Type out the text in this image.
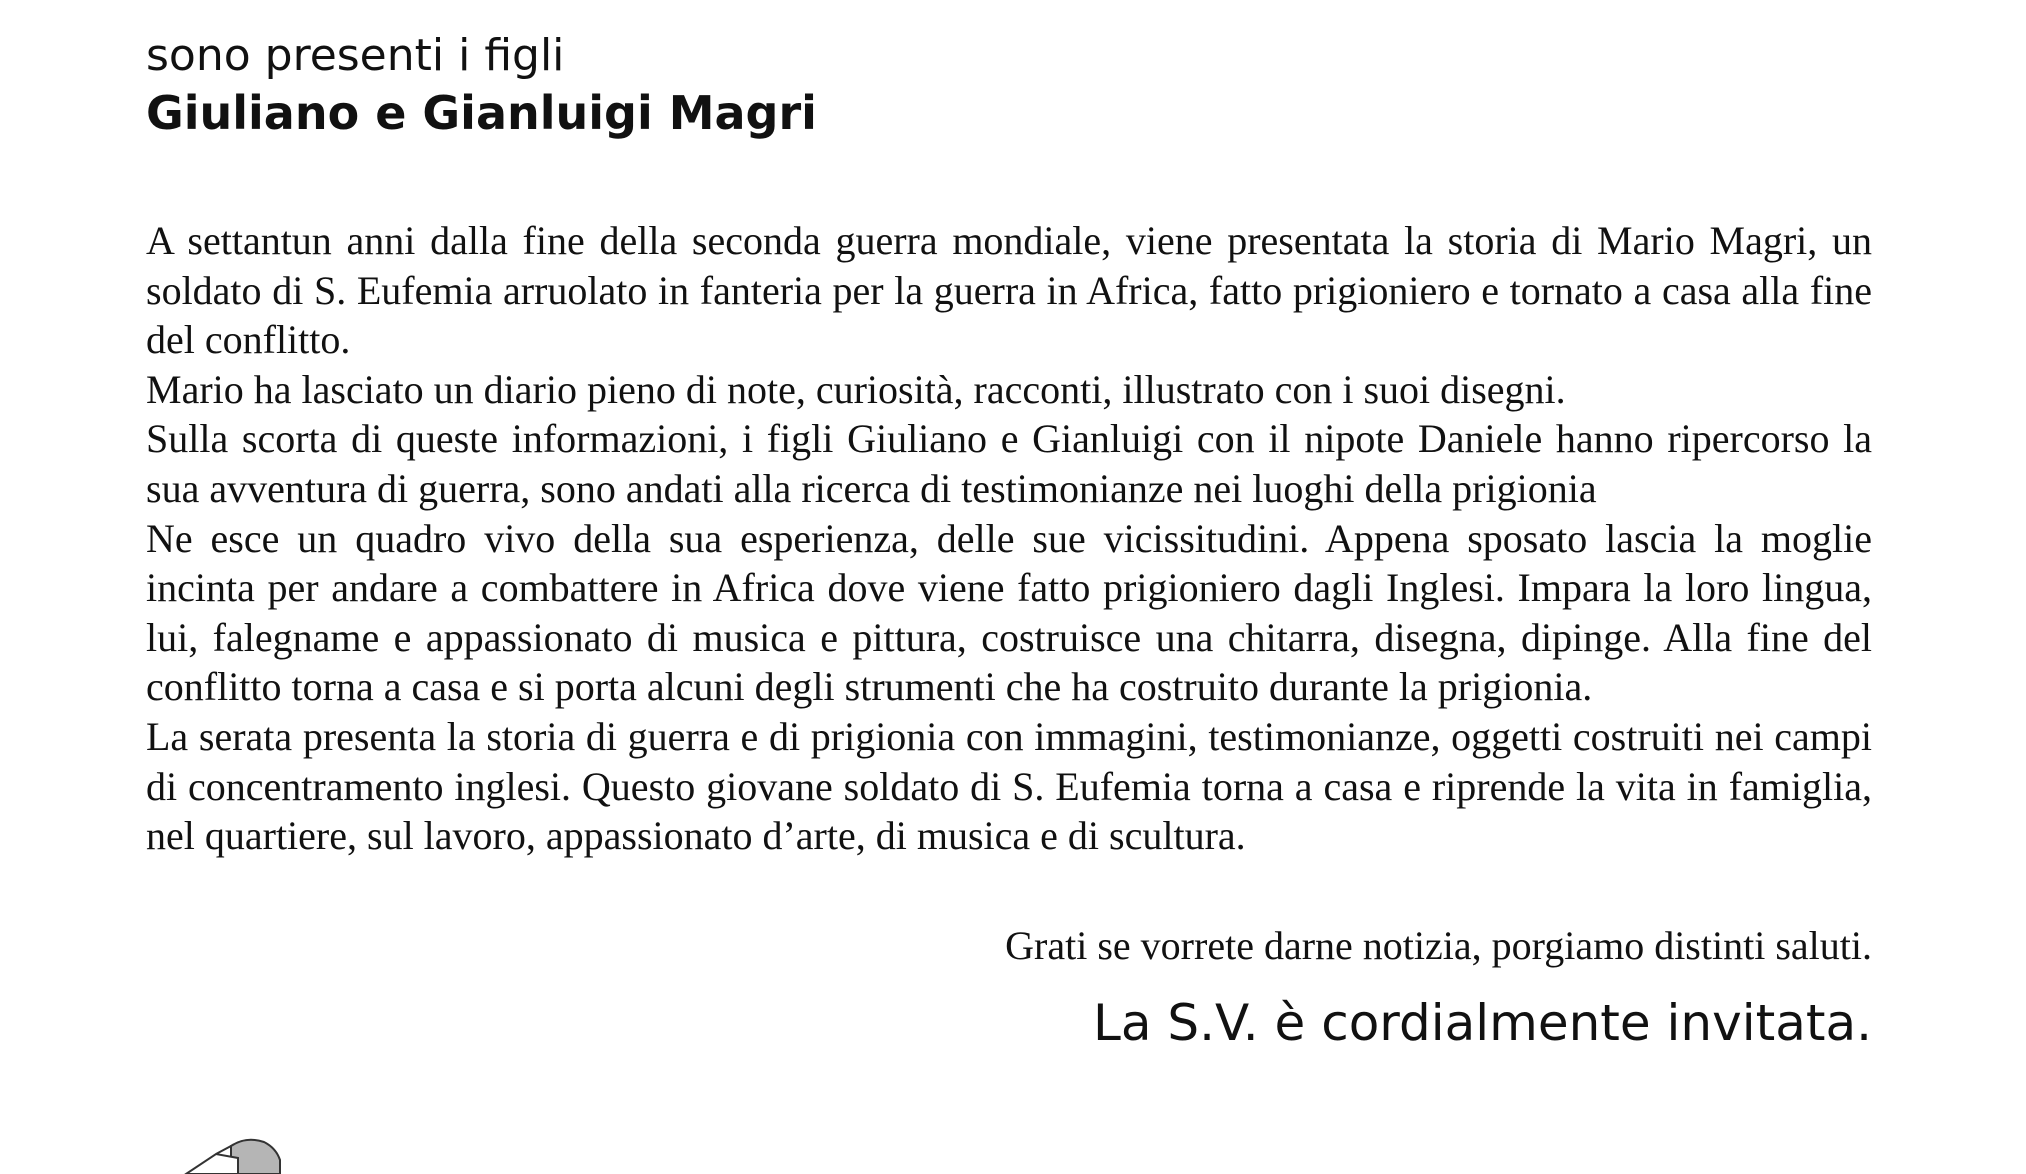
sono presenti i figli
Giuliano e Gianluigi Magri

A settantun anni dalla fine della seconda guerra mondiale, viene presentata la storia di Mario Magri, un soldato di S. Eufemia arruolato in fanteria per la guerra in Africa, fatto prigioniero e tornato a casa alla fine del conflitto.

Mario ha lasciato un diario pieno di note, curiosità, racconti, illustrato con i suoi disegni.

Sulla scorta di queste informazioni, i figli Giuliano e Gianluigi con il nipote Daniele hanno ripercorso la sua avventura di guerra, sono andati alla ricerca di testimonianze nei luoghi della prigionia

Ne esce un quadro vivo della sua esperienza, delle sue vicissitudini. Appena sposato lascia la moglie incinta per andare a combattere in Africa dove viene fatto prigioniero dagli Inglesi. Impara la loro lingua, lui, falegname e appassionato di musica e pittura, costruisce una chitarra, disegna, dipinge. Alla fine del conflitto torna a casa e si porta alcuni degli strumenti che ha costruito durante la prigionia.

La serata presenta la storia di guerra e di prigionia con immagini, testimonianze, oggetti costruiti nei campi di concentramento inglesi. Questo giovane soldato di S. Eufemia torna a casa e riprende la vita in famiglia, nel quartiere, sul lavoro, appassionato d’arte, di musica e di scultura.

Grati se vorrete darne notizia, porgiamo distinti saluti.
La S.V. è cordialmente invitata.
